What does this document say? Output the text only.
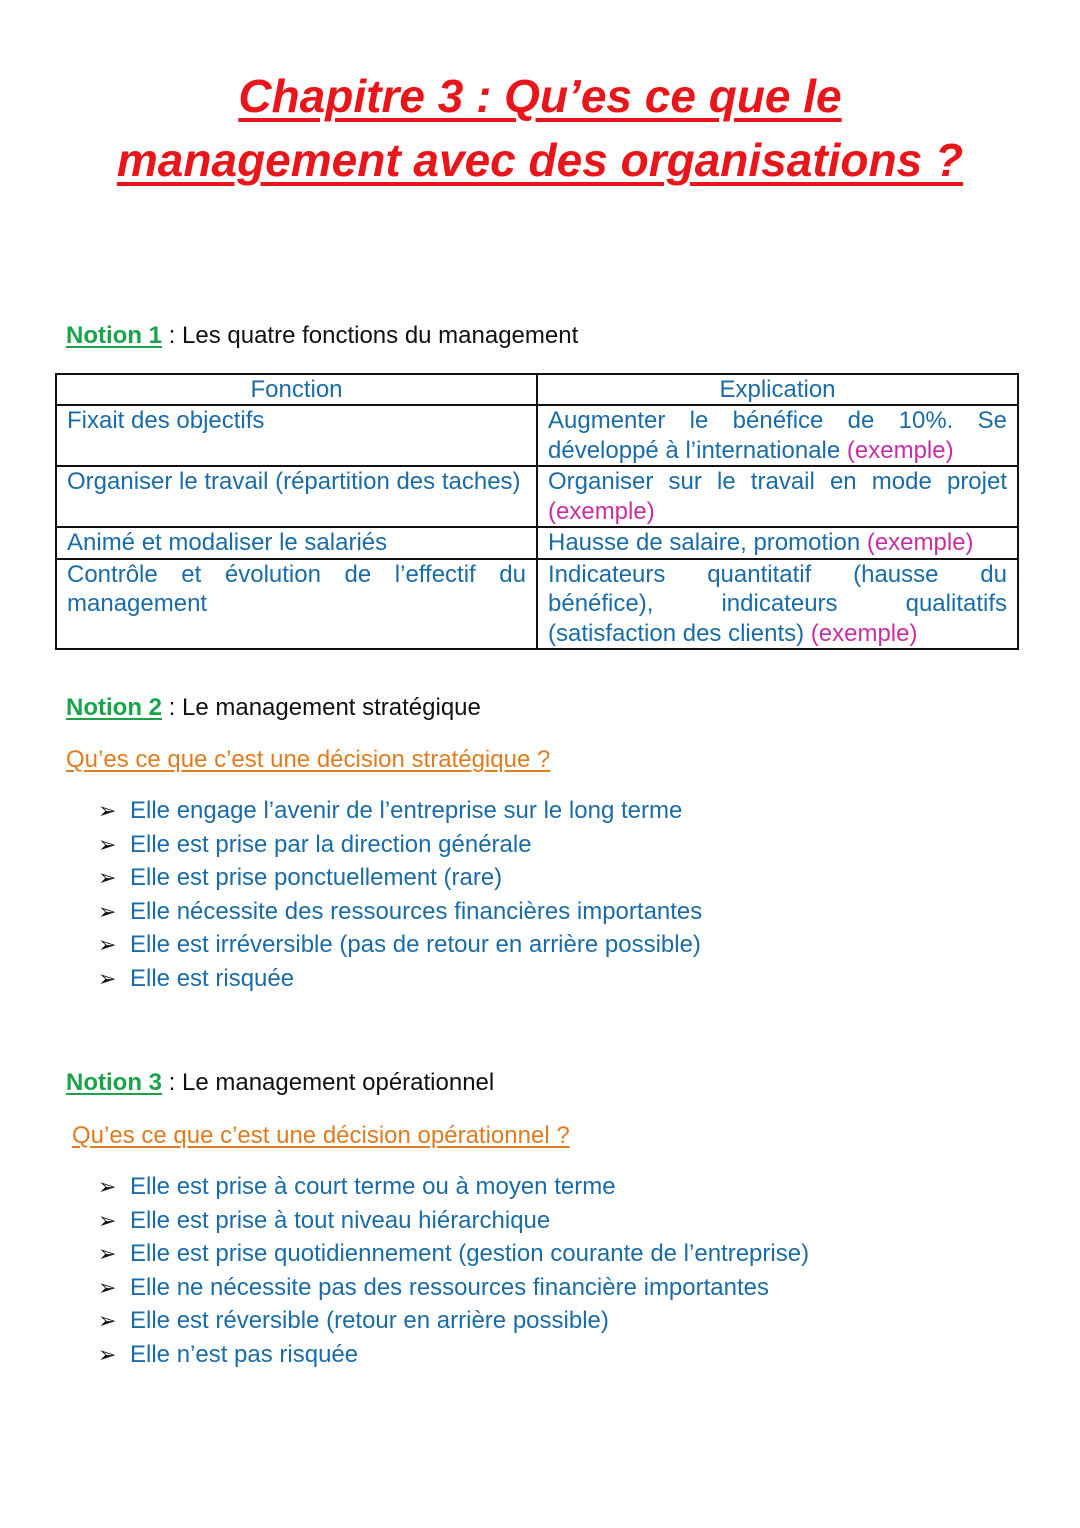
Chapitre 3 : Qu’es ce que le
management avec des organisations ?
Notion 1 : Les quatre fonctions du management
Fonction	Explication
Fixait des objectifs	Augmenter le bénéfice de 10%. Se développé à l’internationale (exemple)
Organiser le travail (répartition des taches)	Organiser sur le travail en mode projet (exemple)
Animé et modaliser le salariés	Hausse de salaire, promotion (exemple)
Contrôle et évolution de l’effectif du management	Indicateurs quantitatif (hausse du bénéfice), indicateurs qualitatifs (satisfaction des clients) (exemple)
Notion 2 : Le management stratégique
Qu’es ce que c’est une décision stratégique ?
➢ Elle engage l’avenir de l’entreprise sur le long terme
➢ Elle est prise par la direction générale
➢ Elle est prise ponctuellement (rare)
➢ Elle nécessite des ressources financières importantes
➢ Elle est irréversible (pas de retour en arrière possible)
➢ Elle est risquée
Notion 3 : Le management opérationnel
Qu’es ce que c’est une décision opérationnel ?
➢ Elle est prise à court terme ou à moyen terme
➢ Elle est prise à tout niveau hiérarchique
➢ Elle est prise quotidiennement (gestion courante de l’entreprise)
➢ Elle ne nécessite pas des ressources financière importantes
➢ Elle est réversible (retour en arrière possible)
➢ Elle n’est pas risquée
